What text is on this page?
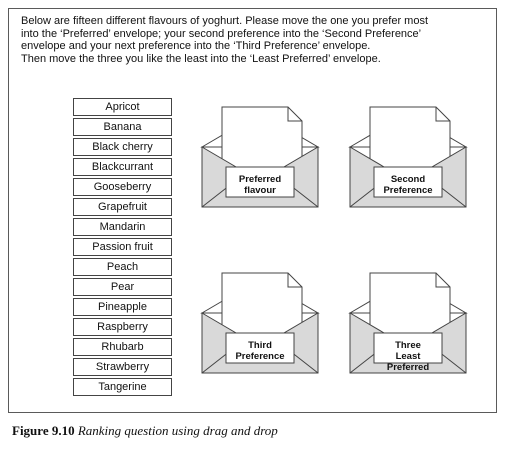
Below are fifteen different flavours of yoghurt. Please move the one you prefer most
into the ‘Preferred’ envelope; your second preference into the ‘Second Preference’
envelope and your next preference into the ‘Third Preference’ envelope.
Then move the three you like the least into the ‘Least Preferred’ envelope.
Apricot
Banana
Black cherry
Blackcurrant
Gooseberry
Grapefruit
Mandarin
Passion fruit
Peach
Pear
Pineapple
Raspberry
Rhubarb
Strawberry
Tangerine
Preferred
flavour
Second
Preference
Third
Preference
Three
Least Preferred
Figure 9.10 Ranking question using drag and drop
